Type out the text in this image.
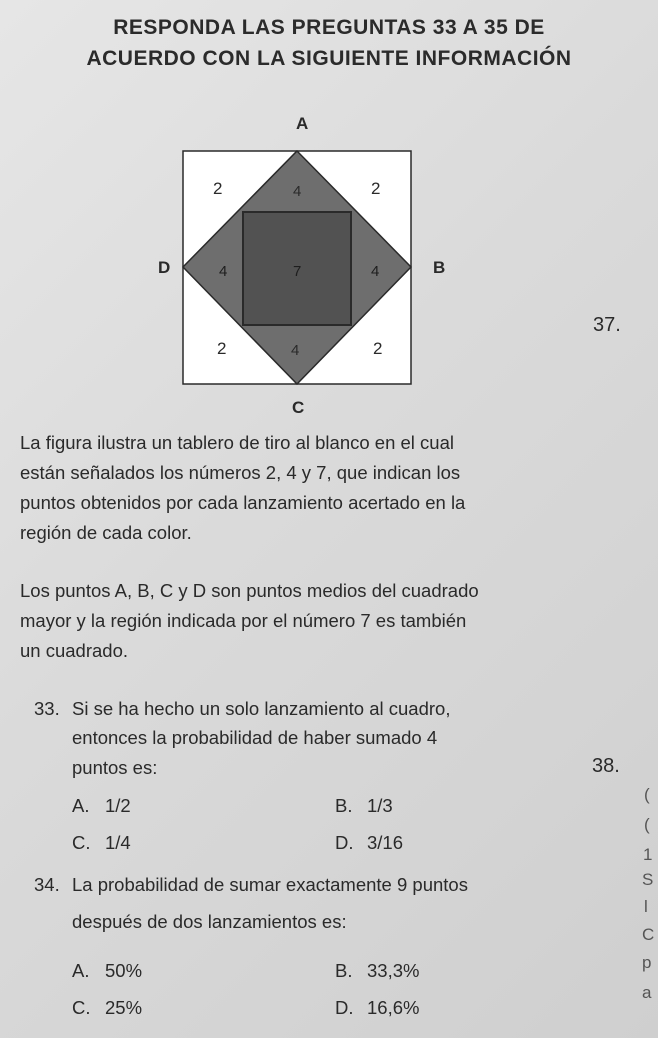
RESPONDA LAS PREGUNTAS 33 A 35 DE
ACUERDO CON LA SIGUIENTE INFORMACIÓN
A
B
C
D
2	4	2
4	7	4
2	4	2
37.
La figura ilustra un tablero de tiro al blanco en el cual
están señalados los números 2, 4 y 7, que indican los
puntos obtenidos por cada lanzamiento acertado en la
región de cada color.
Los puntos A, B, C y D son puntos medios del cuadrado
mayor y la región indicada por el número 7 es también
un cuadrado.
33. Si se ha hecho un solo lanzamiento al cuadro,
entonces la probabilidad de haber sumado 4
puntos es:	38.
A. 1/2	B. 1/3
C. 1/4	D. 3/16
34. La probabilidad de sumar exactamente 9 puntos
después de dos lanzamientos es:
A. 50%	B. 33,3%
C. 25%	D. 16,6%
(
(
1
S
l
C
p
a
